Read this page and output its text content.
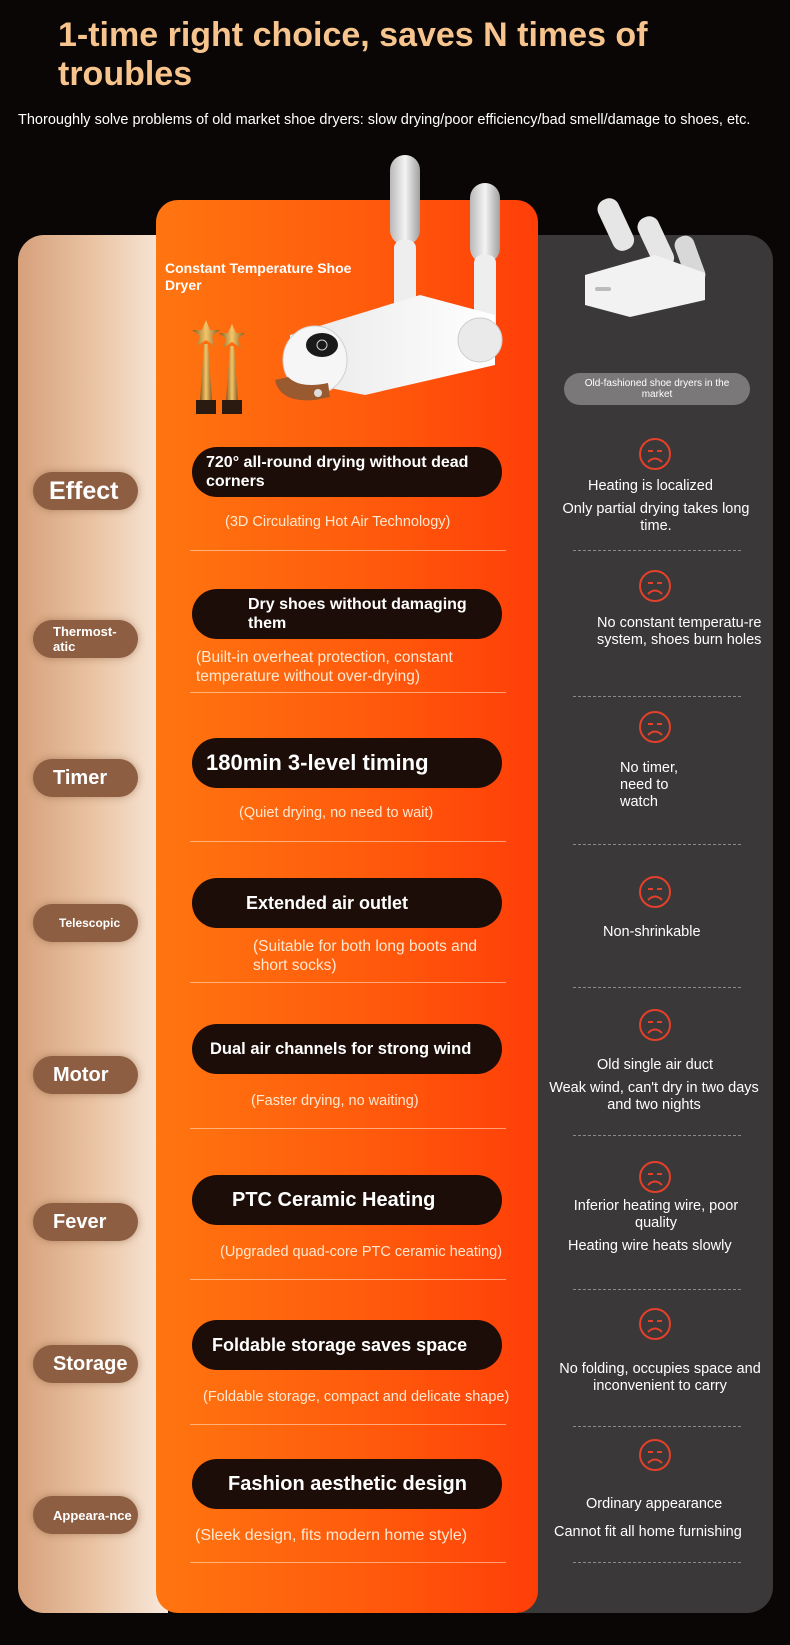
1-time right choice, saves N times of troubles

Thoroughly solve problems of old market shoe dryers: slow drying/poor efficiency/bad smell/damage to shoes, etc.

Constant Temperature Shoe Dryer
Old-fashioned shoe dryers in the market
Effect
720° all-round drying without dead corners
(3D Circulating Hot Air Technology)
Heating is localized
Only partial drying takes long time.
Thermost-atic
Dry shoes without damaging them
(Built-in overheat protection, constant temperature without over-drying)
No constant temperatu-re system, shoes burn holes
Timer
180min 3-level timing
(Quiet drying, no need to wait)
No timer, need to watch
Telescopic
Extended air outlet
(Suitable for both long boots and short socks)
Non-shrinkable
Motor
Dual air channels for strong wind
(Faster drying, no waiting)
Old single air duct
Weak wind, can't dry in two days and two nights
Fever
PTC Ceramic Heating
(Upgraded quad-core PTC ceramic heating)
Inferior heating wire, poor quality
Heating wire heats slowly
Storage
Foldable storage saves space
(Foldable storage, compact and delicate shape)
No folding, occupies space and inconvenient to carry
Appeara-nce
Fashion aesthetic design
(Sleek design, fits modern home style)
Ordinary appearance
Cannot fit all home furnishing
